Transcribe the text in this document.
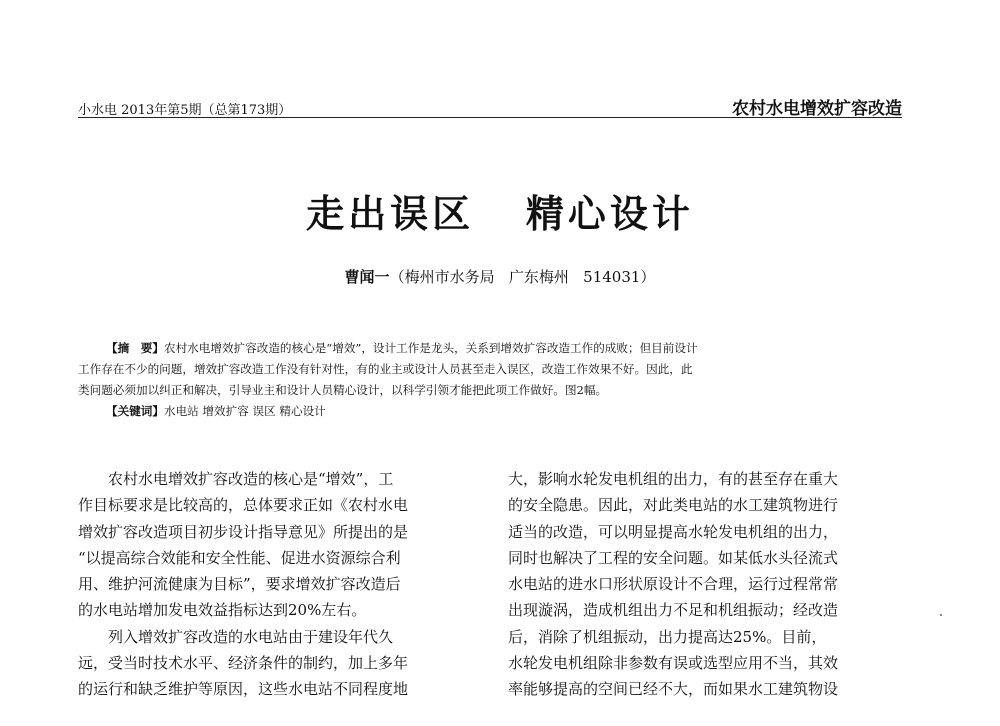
小水电 2013年第5期（总第173期）	农村水电增效扩容改造
走出误区   精心设计
曹闻一（梅州市水务局   广东梅州   514031）
【摘　要】农村水电增效扩容改造的核心是“增效”，设计工作是龙头，关系到增效扩容改造工作的成败；但目前设计
工作存在不少的问题，增效扩容改造工作没有针对性，有的业主或设计人员甚至走入误区，改造工作效果不好。因此，此
类问题必须加以纠正和解决，引导业主和设计人员精心设计，以科学引领才能把此项工作做好。图2幅。
【关键词】水电站 增效扩容 误区 精心设计
农村水电增效扩容改造的核心是“增效”，工
作目标要求是比较高的，总体要求正如《农村水电
增效扩容改造项目初步设计指导意见》所提出的是
“以提高综合效能和安全性能、促进水资源综合利
用、维护河流健康为目标”，要求增效扩容改造后
的水电站增加发电效益指标达到20%左右。
列入增效扩容改造的水电站由于建设年代久
远，受当时技术水平、经济条件的制约，加上多年
的运行和缺乏维护等原因，这些水电站不同程度地
大，影响水轮发电机组的出力，有的甚至存在重大
的安全隐患。因此，对此类电站的水工建筑物进行
适当的改造，可以明显提高水轮发电机组的出力，
同时也解决了工程的安全问题。如某低水头径流式
水电站的进水口形状原设计不合理，运行过程常常
出现漩涡，造成机组出力不足和机组振动；经改造
后，消除了机组振动，出力提高达25%。目前，
水轮发电机组除非参数有误或选型应用不当，其效
率能够提高的空间已经不大，而如果水工建筑物设
